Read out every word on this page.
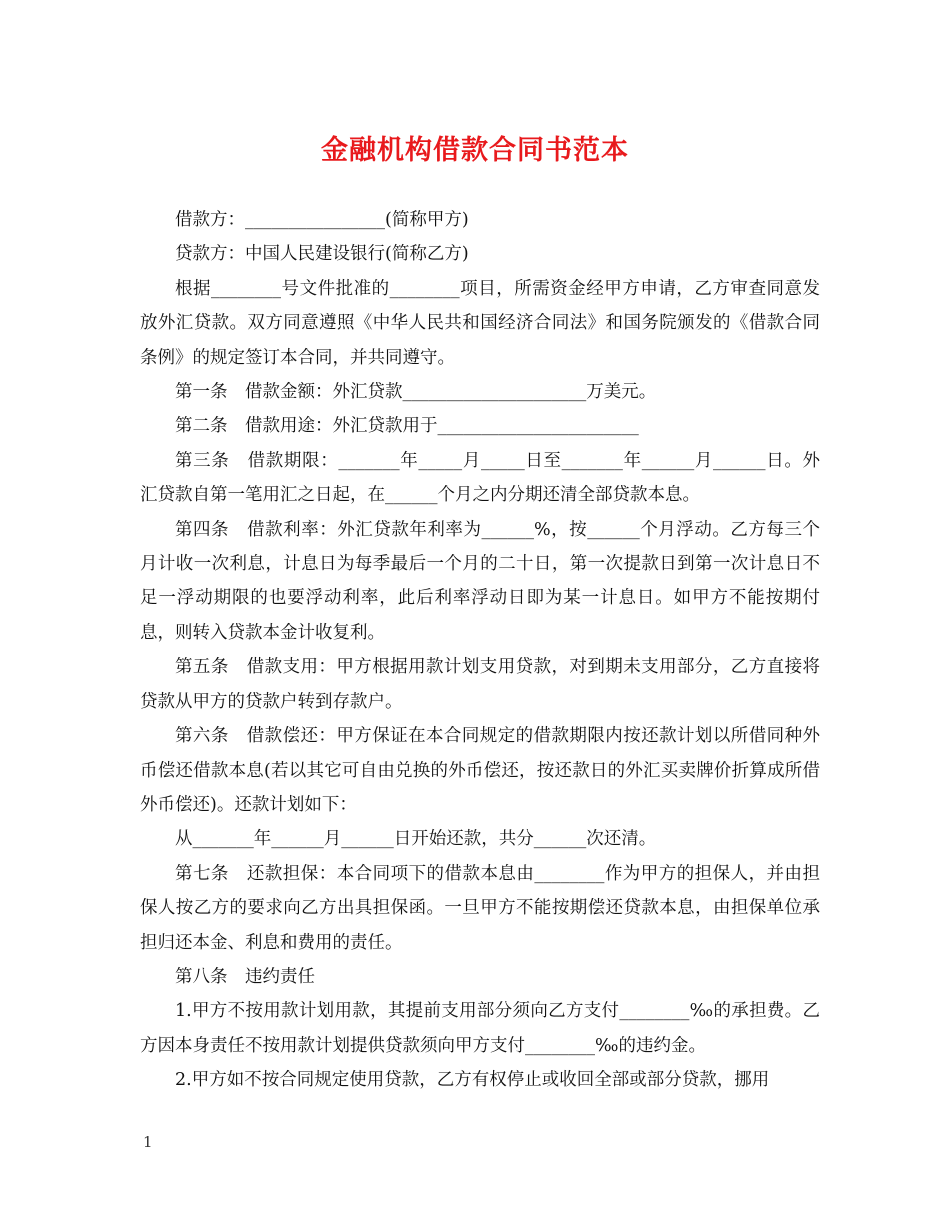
金融机构借款合同书范本

借款方：________________(简称甲方)

贷款方：中国人民建设银行(简称乙方)

根据________号文件批准的________项目，所需资金经甲方申请，乙方审查同意发放外汇贷款。双方同意遵照《中华人民共和国经济合同法》和国务院颁发的《借款合同条例》的规定签订本合同，并共同遵守。

第一条　借款金额：外汇贷款_____________________万美元。

第二条　借款用途：外汇贷款用于_______________________

第三条　借款期限：_______年_____月_____日至_______年______月______日。外汇贷款自第一笔用汇之日起，在______个月之内分期还清全部贷款本息。

第四条　借款利率：外汇贷款年利率为______%，按______个月浮动。乙方每三个月计收一次利息，计息日为每季最后一个月的二十日，第一次提款日到第一次计息日不足一浮动期限的也要浮动利率，此后利率浮动日即为某一计息日。如甲方不能按期付息，则转入贷款本金计收复利。

第五条　借款支用：甲方根据用款计划支用贷款，对到期未支用部分，乙方直接将贷款从甲方的贷款户转到存款户。

第六条　借款偿还：甲方保证在本合同规定的借款期限内按还款计划以所借同种外币偿还借款本息(若以其它可自由兑换的外币偿还，按还款日的外汇买卖牌价折算成所借外币偿还)。还款计划如下：

从_______年______月______日开始还款，共分______次还清。

第七条　还款担保：本合同项下的借款本息由________作为甲方的担保人，并由担保人按乙方的要求向乙方出具担保函。一旦甲方不能按期偿还贷款本息，由担保单位承担归还本金、利息和费用的责任。

第八条　违约责任

1.甲方不按用款计划用款，其提前支用部分须向乙方支付________‰的承担费。乙方因本身责任不按用款计划提供贷款须向甲方支付________‰的违约金。

2.甲方如不按合同规定使用贷款，乙方有权停止或收回全部或部分贷款，挪用

1
